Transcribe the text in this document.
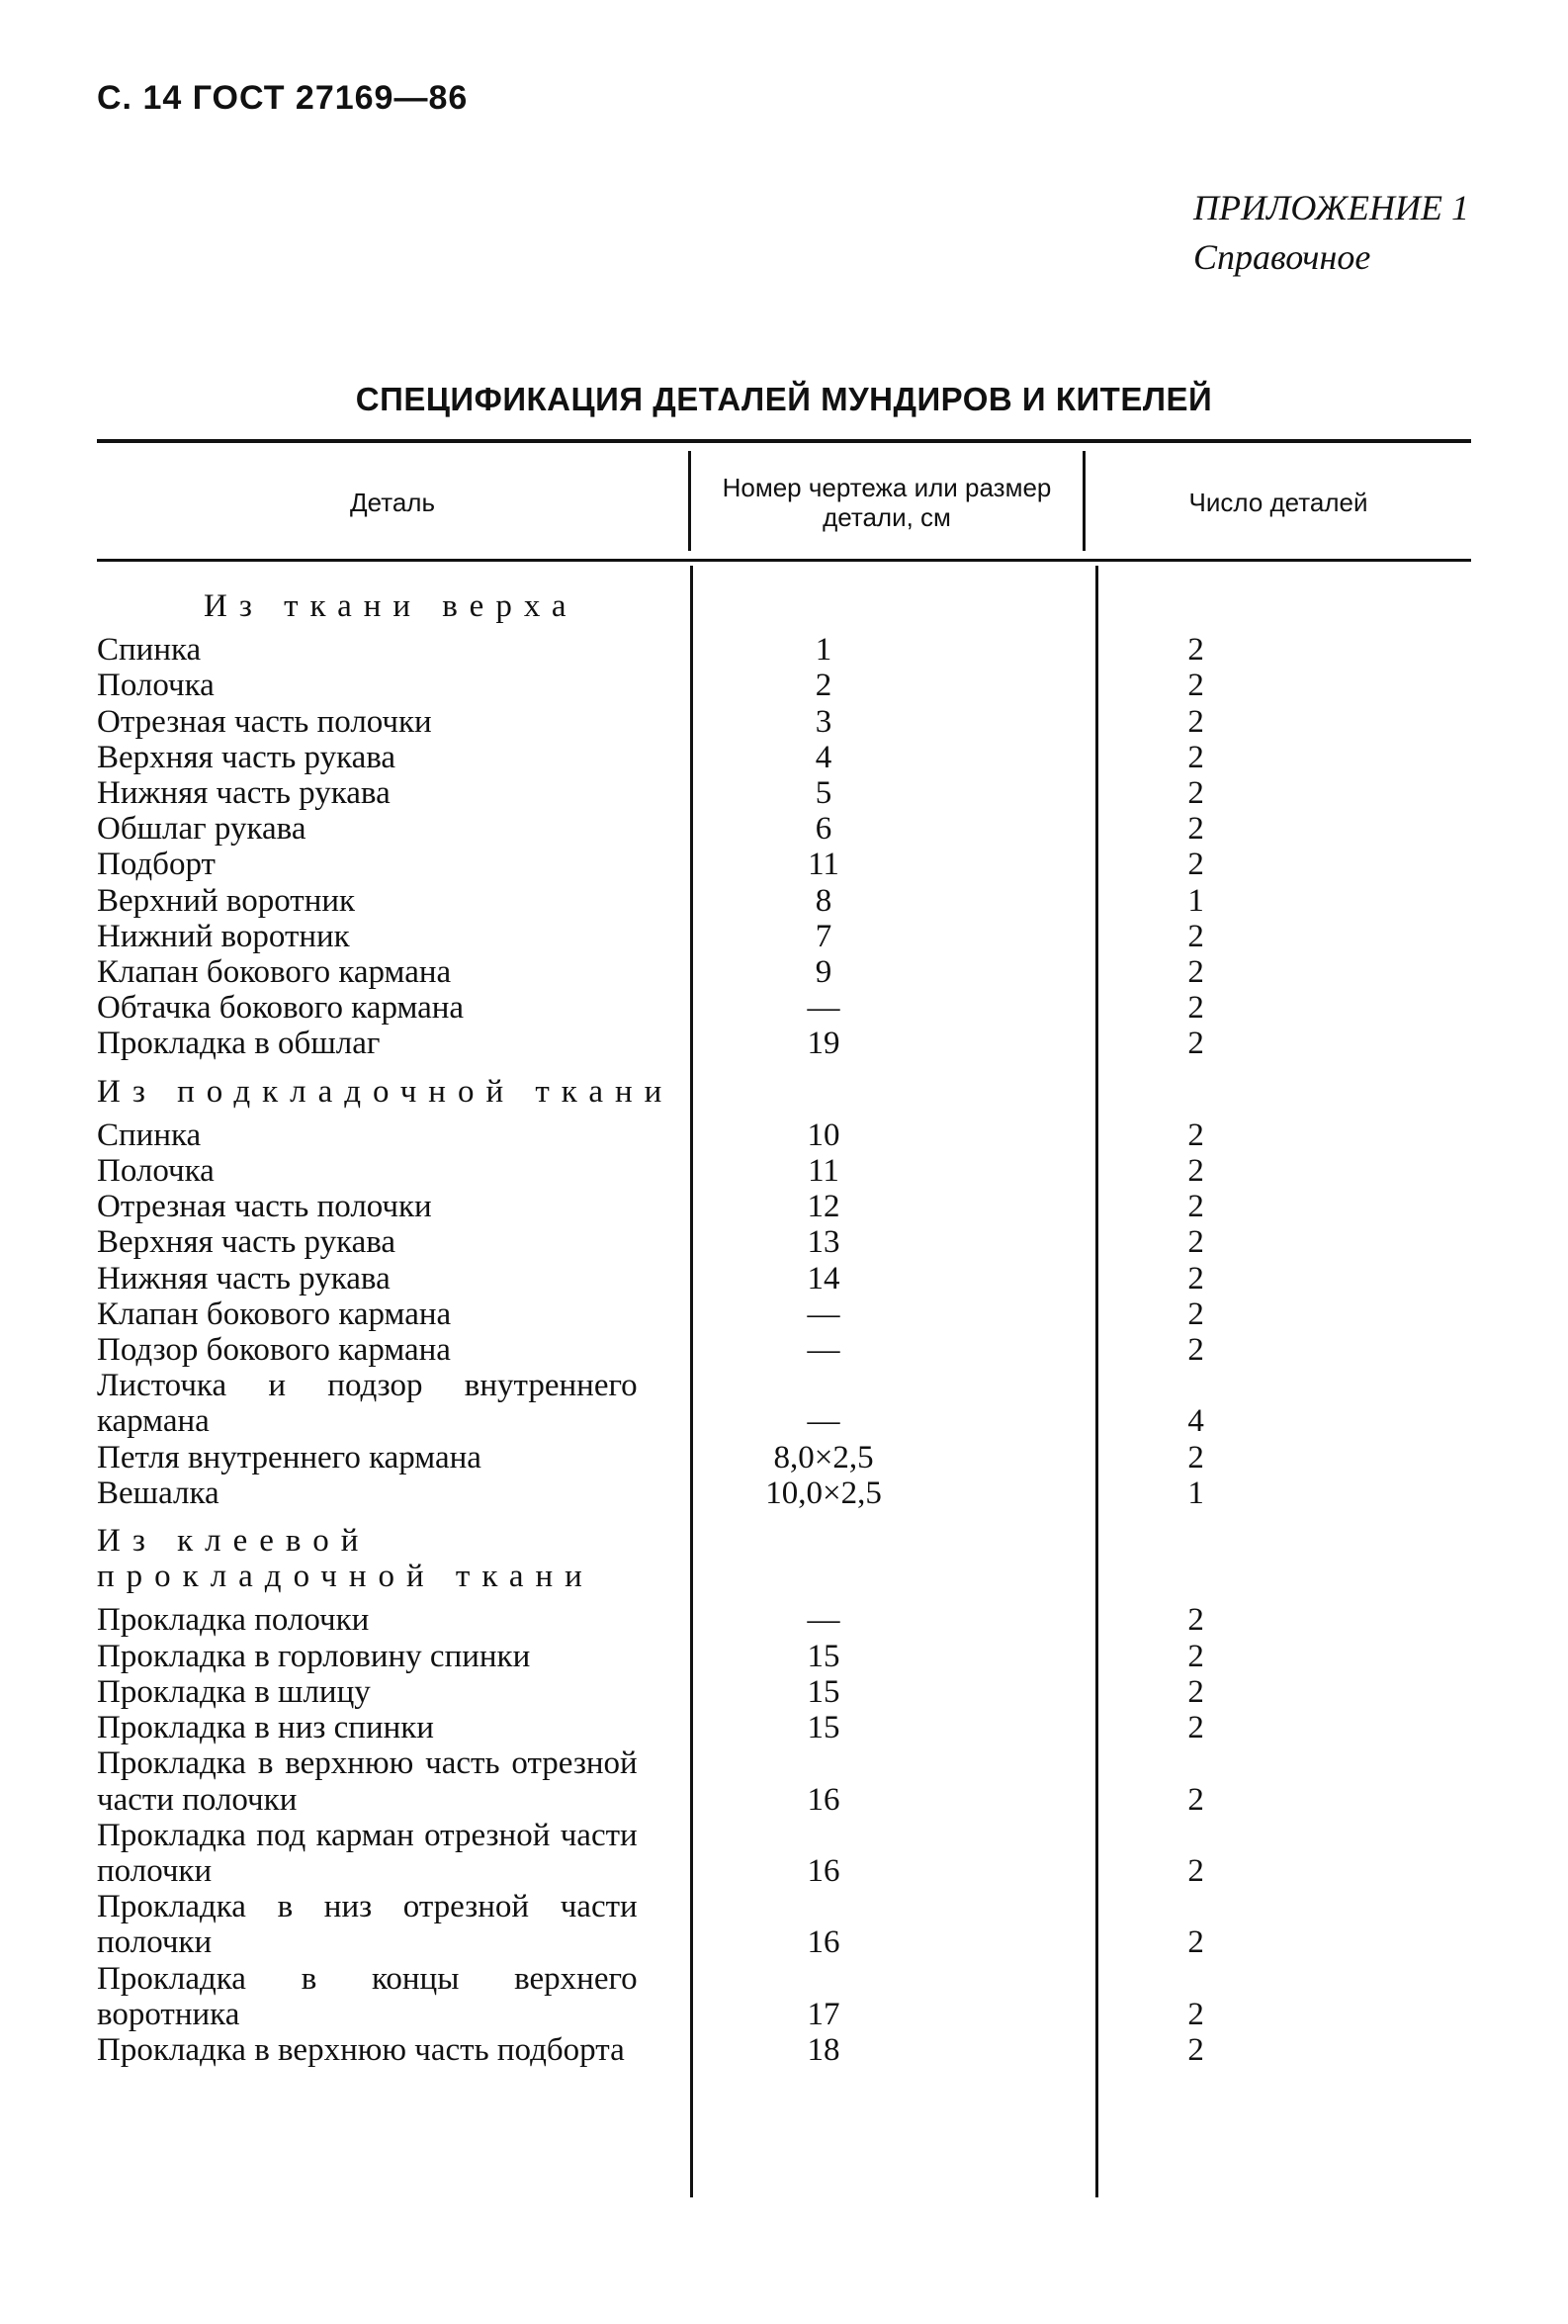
С. 14 ГОСТ 27169—86
ПРИЛОЖЕНИЕ 1
Справочное
СПЕЦИФИКАЦИЯ ДЕТАЛЕЙ МУНДИРОВ И КИТЕЛЕЙ
Деталь	Номер чертежа или размер детали, см	Число деталей
Из ткани верха
Спинка	1	2
Полочка	2	2
Отрезная часть полочки	3	2
Верхняя часть рукава	4	2
Нижняя часть рукава	5	2
Обшлаг рукава	6	2
Подборт	11	2
Верхний воротник	8	1
Нижний воротник	7	2
Клапан бокового кармана	9	2
Обтачка бокового кармана	—	2
Прокладка в обшлаг	19	2
Из подкладочной ткани
Спинка	10	2
Полочка	11	2
Отрезная часть полочки	12	2
Верхняя часть рукава	13	2
Нижняя часть рукава	14	2
Клапан бокового кармана	—	2
Подзор бокового кармана	—	2
Листочка и подзор внутреннего кармана	—	4
Петля внутреннего кармана	8,0×2,5	2
Вешалка	10,0×2,5	1
Из клеевой прокладочной ткани
Прокладка полочки	—	2
Прокладка в горловину спинки	15	2
Прокладка в шлицу	15	2
Прокладка в низ спинки	15	2
Прокладка в верхнюю часть отрезной части полочки	16	2
Прокладка под карман отрезной части полочки	16	2
Прокладка в низ отрезной части полочки	16	2
Прокладка в концы верхнего воротника	17	2
Прокладка в верхнюю часть подборта	18	2
